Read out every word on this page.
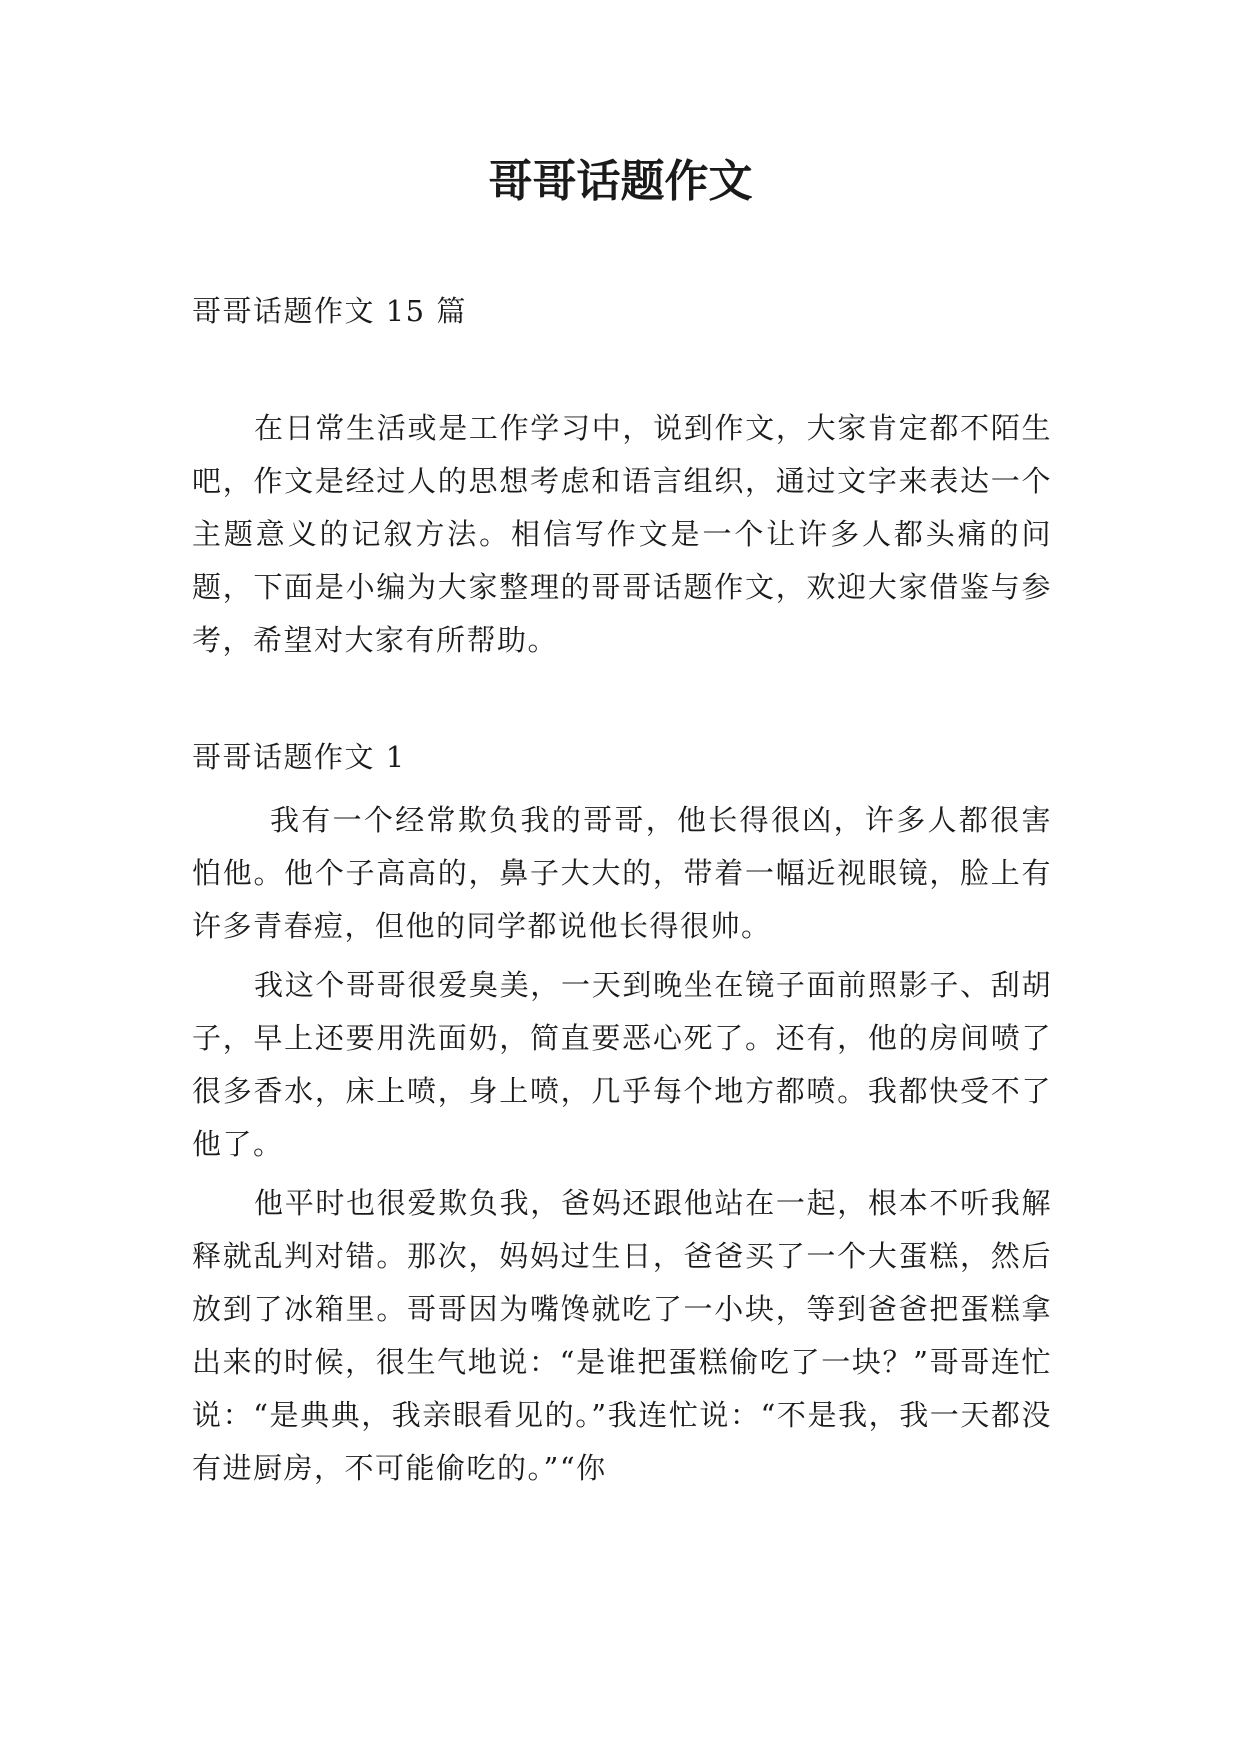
哥哥话题作文

哥哥话题作文 15 篇

在日常生活或是工作学习中，说到作文，大家肯定都不陌生吧，作文是经过人的思想考虑和语言组织，通过文字来表达一个主题意义的记叙方法。相信写作文是一个让许多人都头痛的问题，下面是小编为大家整理的哥哥话题作文，欢迎大家借鉴与参考，希望对大家有所帮助。

哥哥话题作文 1

我有一个经常欺负我的哥哥，他长得很凶，许多人都很害怕他。他个子高高的，鼻子大大的，带着一幅近视眼镜，脸上有许多青春痘，但他的同学都说他长得很帅。

我这个哥哥很爱臭美，一天到晚坐在镜子面前照影子、刮胡子，早上还要用洗面奶，简直要恶心死了。还有，他的房间喷了很多香水，床上喷，身上喷，几乎每个地方都喷。我都快受不了他了。

他平时也很爱欺负我，爸妈还跟他站在一起，根本不听我解释就乱判对错。那次，妈妈过生日，爸爸买了一个大蛋糕，然后放到了冰箱里。哥哥因为嘴馋就吃了一小块，等到爸爸把蛋糕拿出来的时候，很生气地说：“是谁把蛋糕偷吃了一块？”哥哥连忙说：“是典典，我亲眼看见的。”我连忙说：“不是我，我一天都没有进厨房，不可能偷吃的。”“你
